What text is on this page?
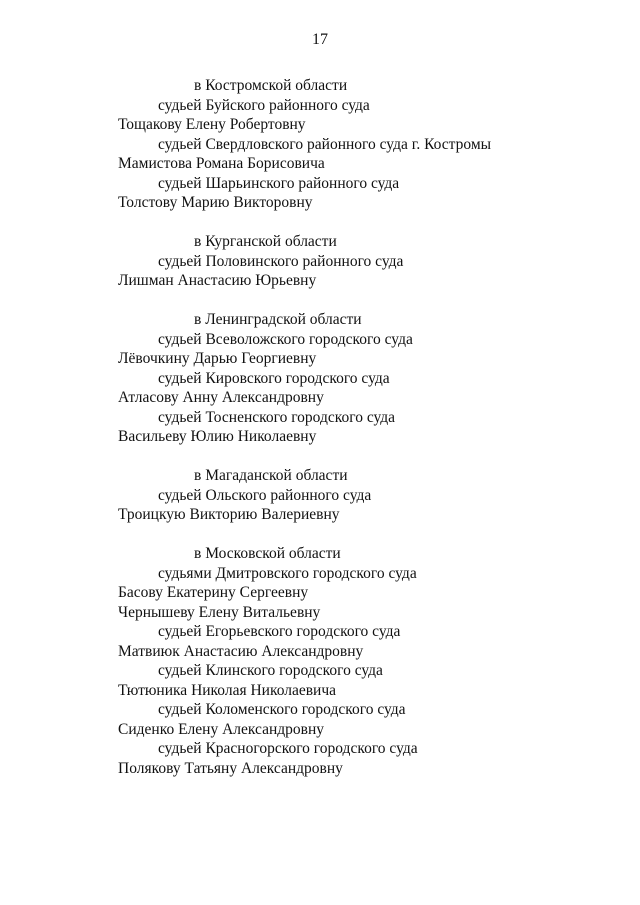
17
в Костромской области
судьей Буйского районного суда
Тощакову Елену Робертовну
судьей Свердловского районного суда г. Костромы
Мамистова Романа Борисовича
судьей Шарьинского районного суда
Толстову Марию Викторовну
в Курганской области
судьей Половинского районного суда
Лишман Анастасию Юрьевну
в Ленинградской области
судьей Всеволожского городского суда
Лёвочкину Дарью Георгиевну
судьей Кировского городского суда
Атласову Анну Александровну
судьей Тосненского городского суда
Васильеву Юлию Николаевну
в Магаданской области
судьей Ольского районного суда
Троицкую Викторию Валериевну
в Московской области
судьями Дмитровского городского суда
Басову Екатерину Сергеевну
Чернышеву Елену Витальевну
судьей Егорьевского городского суда
Матвиюк Анастасию Александровну
судьей Клинского городского суда
Тютюника Николая Николаевича
судьей Коломенского городского суда
Сиденко Елену Александровну
судьей Красногорского городского суда
Полякову Татьяну Александровну
